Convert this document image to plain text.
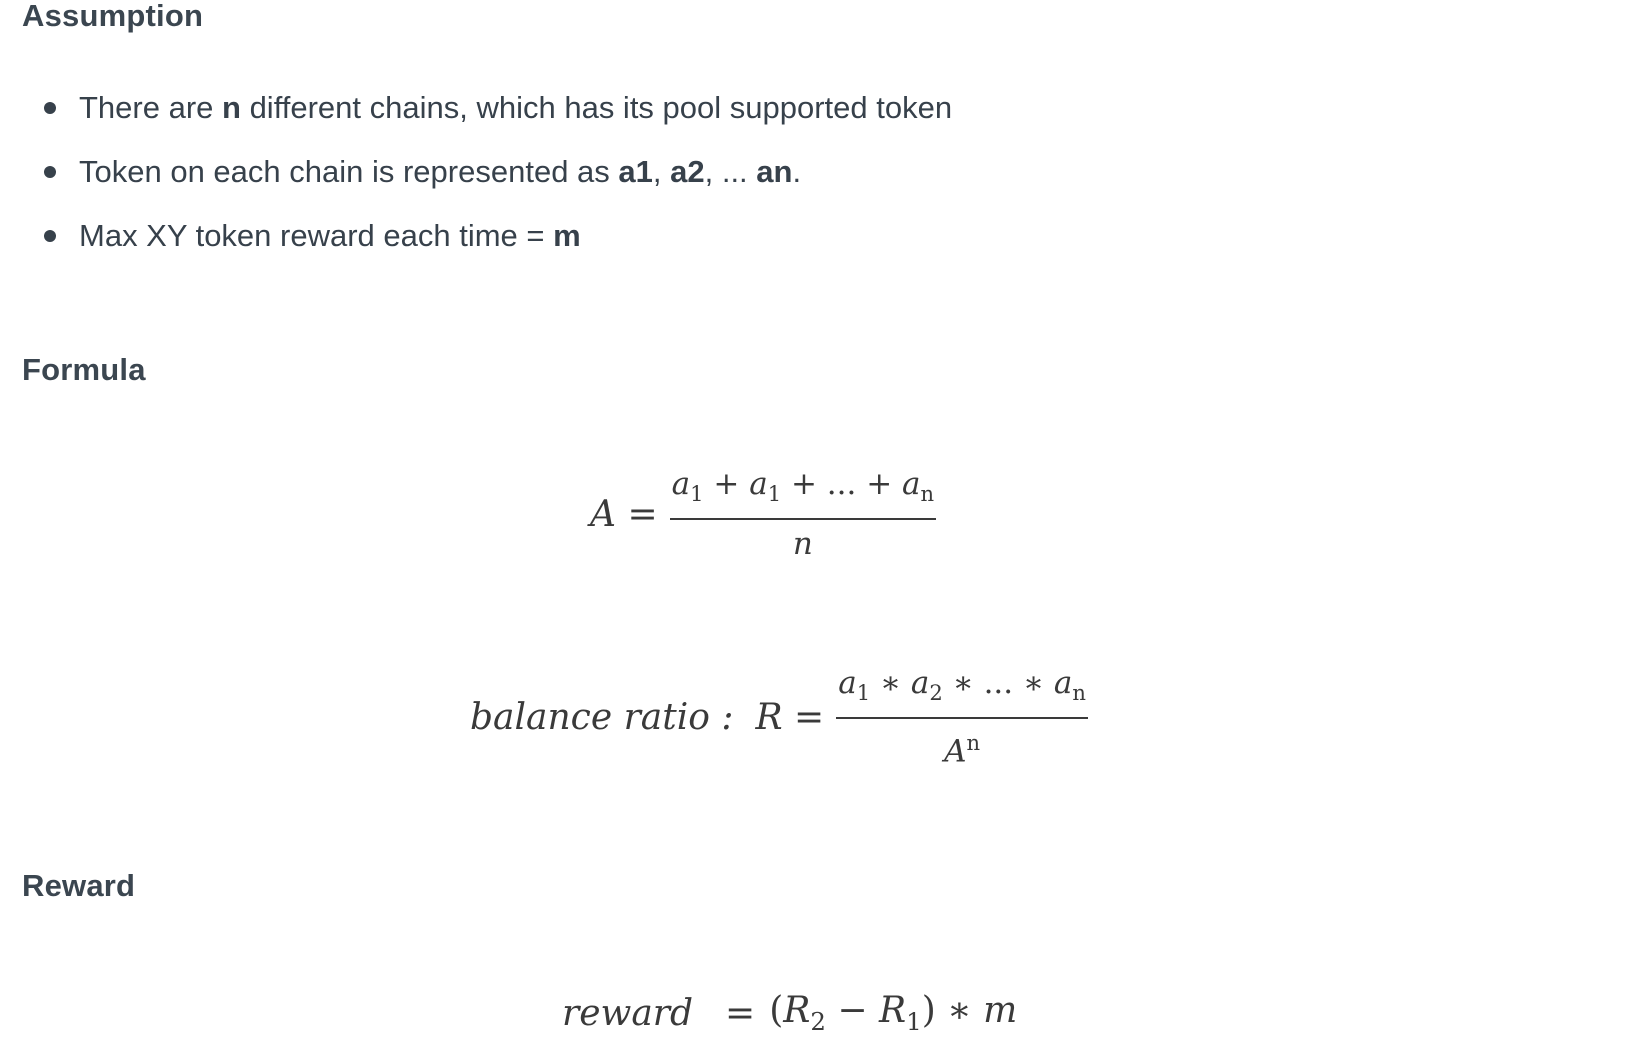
Assumption
There are n different chains, which has its pool supported token
Token on each chain is represented as a1, a2, ... an.
Max XY token reward each time = m
Formula
$A = \frac{a_1 + a_1 + ... + a_n}{n}$
balance ratio : $R = \frac{a_1 ∗ a_2 ∗ ... ∗ a_n}{A^n}$
Reward
reward = $(R_2 - R_1)$ ∗ m
